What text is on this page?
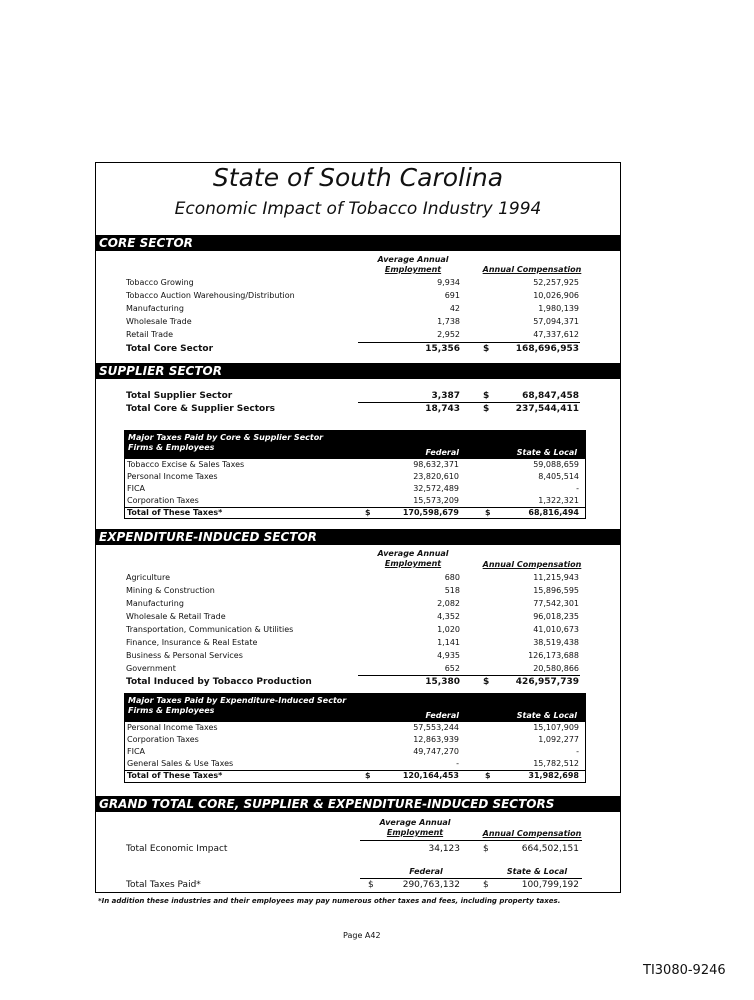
State of South Carolina
Economic Impact of Tobacco Industry 1994
CORE SECTOR
Average Annual
Employment	Annual Compensation
Tobacco Growing	9,934	52,257,925
Tobacco Auction Warehousing/Distribution	691	10,026,906
Manufacturing	42	1,980,139
Wholesale Trade	1,738	57,094,371
Retail Trade	2,952	47,337,612
Total Core Sector	15,356	$	168,696,953
SUPPLIER SECTOR
Total Supplier Sector	3,387	$	68,847,458
Total Core & Supplier Sectors	18,743	$	237,544,411
Major Taxes Paid by Core & Supplier Sector
Firms & Employees
Federal	State & Local
Tobacco Excise & Sales Taxes	98,632,371	59,088,659
Personal Income Taxes	23,820,610	8,405,514
FICA	32,572,489	-
Corporation Taxes	15,573,209	1,322,321
Total of These Taxes*	$	170,598,679	$	68,816,494
EXPENDITURE-INDUCED SECTOR
Average Annual
Employment	Annual Compensation
Agriculture	680	11,215,943
Mining & Construction	518	15,896,595
Manufacturing	2,082	77,542,301
Wholesale & Retail Trade	4,352	96,018,235
Transportation, Communication & Utilities	1,020	41,010,673
Finance, Insurance & Real Estate	1,141	38,519,438
Business & Personal Services	4,935	126,173,688
Government	652	20,580,866
Total Induced by Tobacco Production	15,380	$	426,957,739
Major Taxes Paid by Expenditure-Induced Sector
Firms & Employees
Federal	State & Local
Personal Income Taxes	57,553,244	15,107,909
Corporation Taxes	12,863,939	1,092,277
FICA	49,747,270	-
General Sales & Use Taxes	-	15,782,512
Total of These Taxes*	$	120,164,453	$	31,982,698
GRAND TOTAL CORE, SUPPLIER & EXPENDITURE-INDUCED SECTORS
Average Annual
Employment	Annual Compensation
Total Economic Impact	34,123	$	664,502,151
Federal	State & Local
Total Taxes Paid*	$	290,763,132	$	100,799,192
*In addition these industries and their employees may pay numerous other taxes and fees, including property taxes.
Page A42
TI3080-9246
